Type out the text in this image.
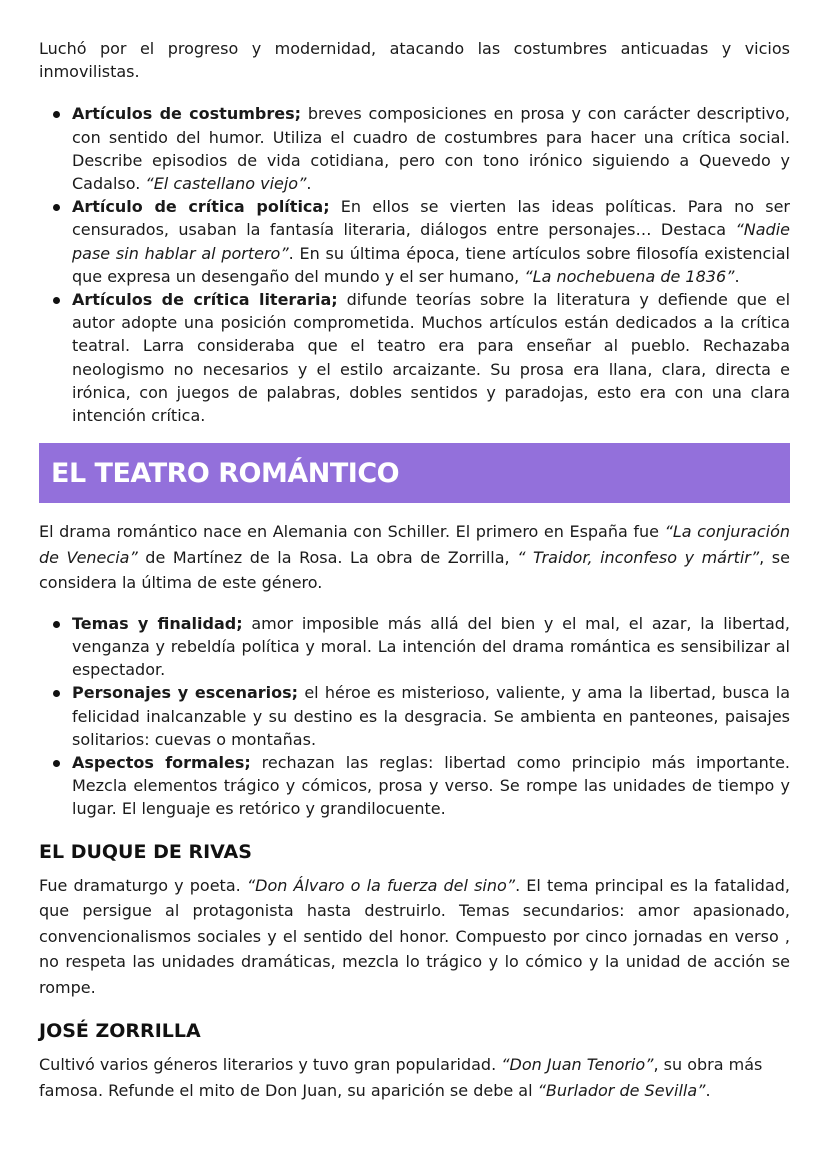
Luchó por el progreso y modernidad, atacando las costumbres anticuadas y vicios inmovilistas.

Artículos de costumbres; breves composiciones en prosa y con carácter descriptivo, con sentido del humor. Utiliza el cuadro de costumbres para hacer una crítica social. Describe episodios de vida cotidiana, pero con tono irónico siguiendo a Quevedo y Cadalso. “El castellano viejo”.
Artículo de crítica política; En ellos se vierten las ideas políticas. Para no ser censurados, usaban la fantasía literaria, diálogos entre personajes… Destaca “Nadie pase sin hablar al portero”. En su última época, tiene artículos sobre filosofía existencial que expresa un desengaño del mundo y el ser humano, “La nochebuena de 1836”.
Artículos de crítica literaria; difunde teorías sobre la literatura y defiende que el autor adopte una posición comprometida. Muchos artículos están dedicados a la crítica teatral. Larra consideraba que el teatro era para enseñar al pueblo. Rechazaba neologismo no necesarios y el estilo arcaizante. Su prosa era llana, clara, directa e irónica, con juegos de palabras, dobles sentidos y paradojas, esto era con una clara intención crítica.
EL TEATRO ROMÁNTICO

El drama romántico nace en Alemania con Schiller. El primero en España fue “La conjuración de Venecia” de Martínez de la Rosa. La obra de Zorrilla, “ Traidor, inconfeso y mártir”, se considera la última de este género.

Temas y finalidad; amor imposible más allá del bien y el mal, el azar, la libertad, venganza y rebeldía política y moral. La intención del drama romántica es sensibilizar al espectador.
Personajes y escenarios; el héroe es misterioso, valiente, y ama la libertad, busca la felicidad inalcanzable y su destino es la desgracia. Se ambienta en panteones, paisajes solitarios: cuevas o montañas.
Aspectos formales; rechazan las reglas: libertad como principio más importante. Mezcla elementos trágico y cómicos, prosa y verso. Se rompe las unidades de tiempo y lugar. El lenguaje es retórico y grandilocuente.
EL DUQUE DE RIVAS

Fue dramaturgo y poeta. “Don Álvaro o la fuerza del sino”. El tema principal es la fatalidad, que persigue al protagonista hasta destruirlo. Temas secundarios: amor apasionado, convencionalismos sociales y el sentido del honor. Compuesto por cinco jornadas en verso , no respeta las unidades dramáticas, mezcla lo trágico y lo cómico y la unidad de acción se rompe.

JOSÉ ZORRILLA

Cultivó varios géneros literarios y tuvo gran popularidad. “Don Juan Tenorio”, su obra más famosa. Refunde el mito de Don Juan, su aparición se debe al “Burlador de Sevilla”.
